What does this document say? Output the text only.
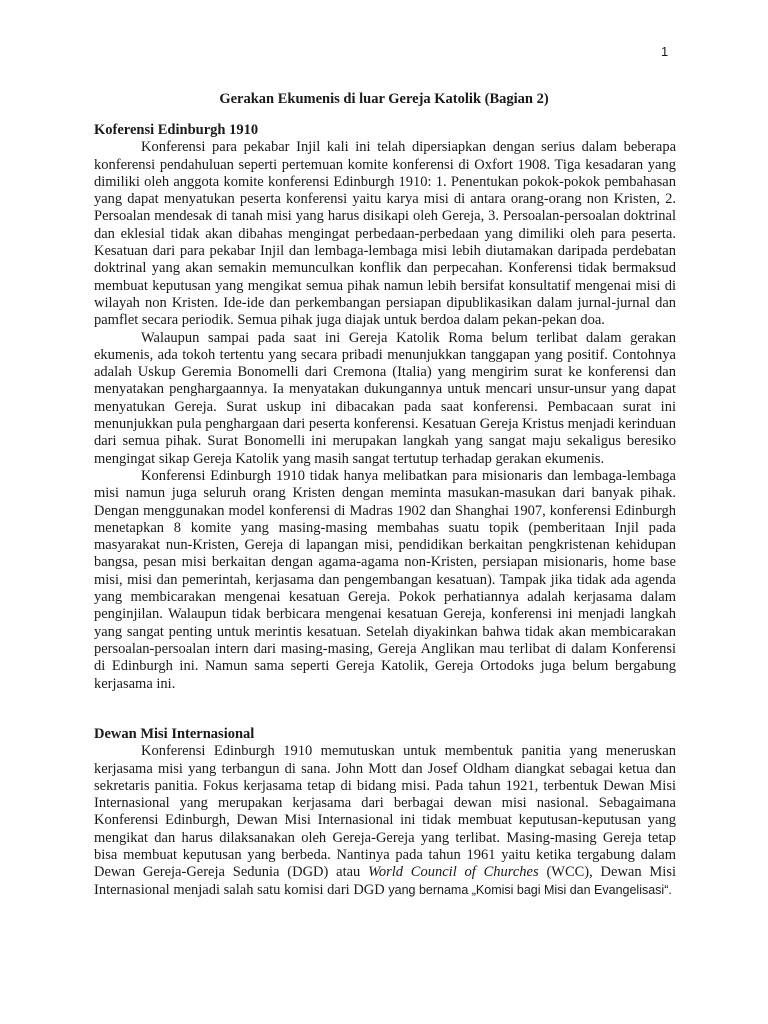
1
Gerakan Ekumenis di luar Gereja Katolik (Bagian 2)
Koferensi Edinburgh 1910

Konferensi para pekabar Injil kali ini telah dipersiapkan dengan serius dalam beberapa konferensi pendahuluan seperti pertemuan komite konferensi di Oxfort 1908. Tiga kesadaran yang dimiliki oleh anggota komite konferensi Edinburgh 1910: 1. Penentukan pokok-pokok pembahasan yang dapat menyatukan peserta konferensi yaitu karya misi di antara orang-orang non Kristen, 2. Persoalan mendesak di tanah misi yang harus disikapi oleh Gereja, 3. Persoalan-persoalan doktrinal dan eklesial tidak akan dibahas mengingat perbedaan-perbedaan yang dimiliki oleh para peserta. Kesatuan dari para pekabar Injil dan lembaga-lembaga misi lebih diutamakan daripada perdebatan doktrinal yang akan semakin memunculkan konflik dan perpecahan. Konferensi tidak bermaksud membuat keputusan yang mengikat semua pihak namun lebih bersifat konsultatif mengenai misi di wilayah non Kristen. Ide-ide dan perkembangan persiapan dipublikasikan dalam jurnal-jurnal dan pamflet secara periodik. Semua pihak juga diajak untuk berdoa dalam pekan-pekan doa.

Walaupun sampai pada saat ini Gereja Katolik Roma belum terlibat dalam gerakan ekumenis, ada tokoh tertentu yang secara pribadi menunjukkan tanggapan yang positif. Contohnya adalah Uskup Geremia Bonomelli dari Cremona (Italia) yang mengirim surat ke konferensi dan menyatakan penghargaannya. Ia menyatakan dukungannya untuk mencari unsur-unsur yang dapat menyatukan Gereja. Surat uskup ini dibacakan pada saat konferensi. Pembacaan surat ini menunjukkan pula penghargaan dari peserta konferensi. Kesatuan Gereja Kristus menjadi kerinduan dari semua pihak. Surat Bonomelli ini merupakan langkah yang sangat maju sekaligus beresiko mengingat sikap Gereja Katolik yang masih sangat tertutup terhadap gerakan ekumenis.

Konferensi Edinburgh 1910 tidak hanya melibatkan para misionaris dan lembaga-lembaga misi namun juga seluruh orang Kristen dengan meminta masukan-masukan dari banyak pihak. Dengan menggunakan model konferensi di Madras 1902 dan Shanghai 1907, konferensi Edinburgh menetapkan 8 komite yang masing-masing membahas suatu topik (pemberitaan Injil pada masyarakat nun-Kristen, Gereja di lapangan misi, pendidikan berkaitan pengkristenan kehidupan bangsa, pesan misi berkaitan dengan agama-agama non-Kristen, persiapan misionaris, home base misi, misi dan pemerintah, kerjasama dan pengembangan kesatuan). Tampak jika tidak ada agenda yang membicarakan mengenai kesatuan Gereja. Pokok perhatiannya adalah kerjasama dalam penginjilan. Walaupun tidak berbicara mengenai kesatuan Gereja, konferensi ini menjadi langkah yang sangat penting untuk merintis kesatuan. Setelah diyakinkan bahwa tidak akan membicarakan persoalan-persoalan intern dari masing-masing, Gereja Anglikan mau terlibat di dalam Konferensi di Edinburgh ini. Namun sama seperti Gereja Katolik, Gereja Ortodoks juga belum bergabung kerjasama ini.

Dewan Misi Internasional

Konferensi Edinburgh 1910 memutuskan untuk membentuk panitia yang meneruskan kerjasama misi yang terbangun di sana. John Mott dan Josef Oldham diangkat sebagai ketua dan sekretaris panitia. Fokus kerjasama tetap di bidang misi. Pada tahun 1921, terbentuk Dewan Misi Internasional yang merupakan kerjasama dari berbagai dewan misi nasional. Sebagaimana Konferensi Edinburgh, Dewan Misi Internasional ini tidak membuat keputusan-keputusan yang mengikat dan harus dilaksanakan oleh Gereja-Gereja yang terlibat. Masing-masing Gereja tetap bisa membuat keputusan yang berbeda. Nantinya pada tahun 1961 yaitu ketika tergabung dalam Dewan Gereja-Gereja Sedunia (DGD) atau World Council of Churches (WCC), Dewan Misi Internasional menjadi salah satu komisi dari DGD yang bernama „Komisi bagi Misi dan Evangelisasi“.
